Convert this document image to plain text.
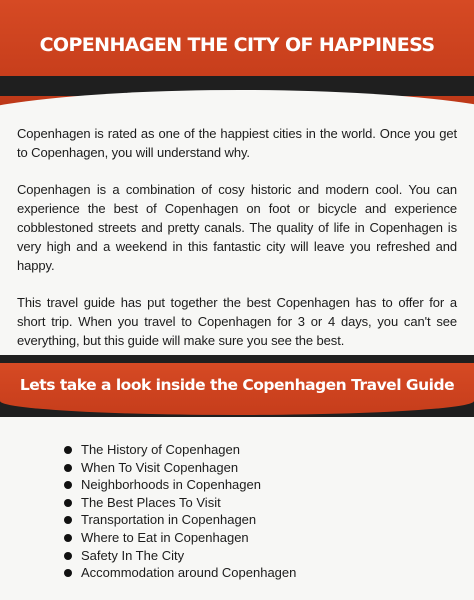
COPENHAGEN THE CITY OF HAPPINESS

Copenhagen is rated as one of the happiest cities in the world. Once you get to Copenhagen, you will understand why.

Copenhagen is a combination of cosy historic and modern cool. You can experience the best of Copenhagen on foot or bicycle and experience cobblestoned streets and pretty canals. The quality of life in Copenhagen is very high and a weekend in this fantastic city will leave you refreshed and happy.

This travel guide has put together the best Copenhagen has to offer for a short trip. When you travel to Copenhagen for 3 or 4 days, you can't see everything, but this guide will make sure you see the best.

Lets take a look inside the Copenhagen Travel Guide
The History of Copenhagen
When To Visit Copenhagen
Neighborhoods in Copenhagen
The Best Places To Visit
Transportation in Copenhagen
Where to Eat in Copenhagen
Safety In The City
Accommodation around Copenhagen
